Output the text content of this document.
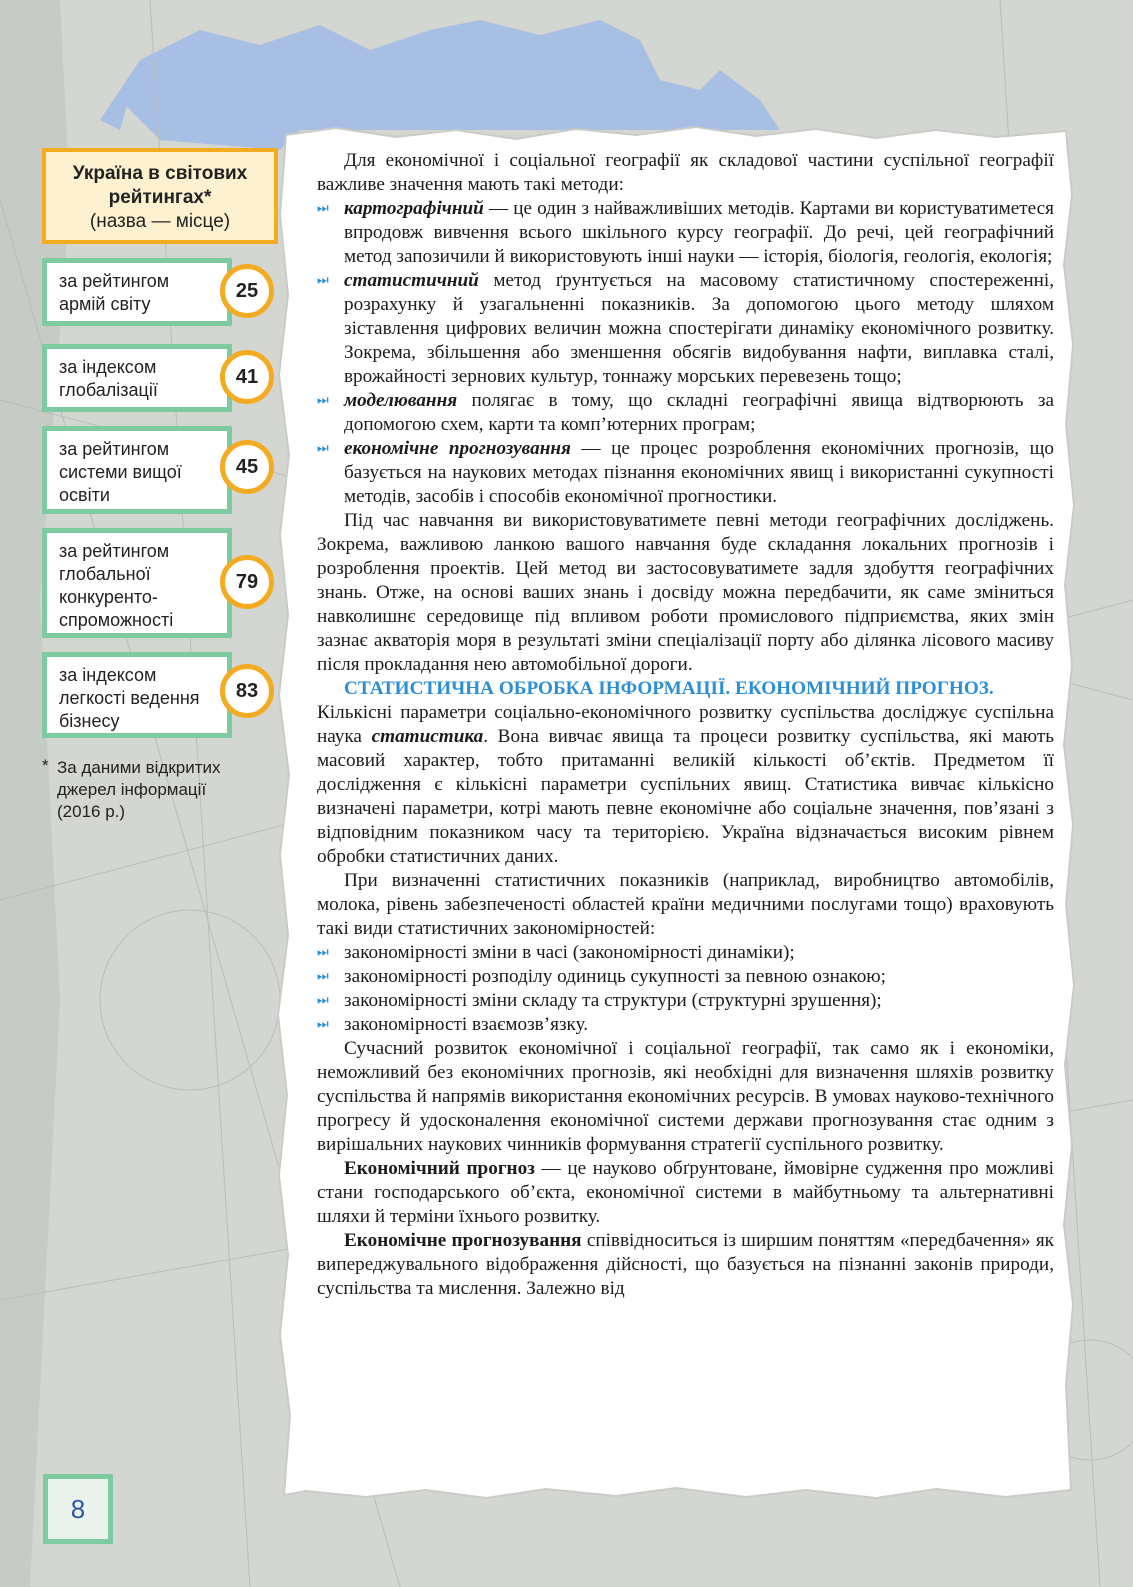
Україна в світових рейтингах*
(назва — місце)
за рейтингом армій світу
25
за індексом глобалізації
41
за рейтингом системи вищої освіти
45
за рейтингом глобальної конкуренто-спроможності
79
за індексом легкості ведення бізнесу
83
* За даними відкритих джерел інформації (2016 р.)
8

Для економічної і соціальної географії як складової частини суспільної географії важливе значення мають такі методи:

⏭ картографічний — це один з найважливіших методів. Картами ви користуватиметеся впродовж вивчення всього шкільного курсу географії. До речі, цей географічний метод запозичили й використовують інші науки — історія, біологія, геологія, екологія;

⏭ статистичний метод ґрунтується на масовому статистичному спостереженні, розрахунку й узагальненні показників. За допомогою цього методу шляхом зіставлення цифрових величин можна спостерігати динаміку економічного розвитку. Зокрема, збільшення або зменшення обсягів видобування нафти, виплавка сталі, врожайності зернових культур, тоннажу морських перевезень тощо;

⏭ моделювання полягає в тому, що складні географічні явища відтворюють за допомогою схем, карти та комп’ютерних програм;

⏭ економічне прогнозування — це процес розроблення економічних прогнозів, що базується на наукових методах пізнання економічних явищ і використанні сукупності методів, засобів і способів економічної прогностики.

Під час навчання ви використовуватимете певні методи географічних досліджень. Зокрема, важливою ланкою вашого навчання буде складання локальних прогнозів і розроблення проектів. Цей метод ви застосовуватимете задля здобуття географічних знань. Отже, на основі ваших знань і досвіду можна передбачити, як саме зміниться навколишнє середовище під впливом роботи промислового підприємства, яких змін зазнає акваторія моря в результаті зміни спеціалізації порту або ділянка лісового масиву після прокладання нею автомобільної дороги.

СТАТИСТИЧНА ОБРОБКА ІНФОРМАЦІЇ. ЕКОНОМІЧНИЙ ПРОГНОЗ.

Кількісні параметри соціально-економічного розвитку суспільства досліджує суспільна наука статистика. Вона вивчає явища та процеси розвитку суспільства, які мають масовий характер, тобто притаманні великій кількості об’єктів. Предметом її дослідження є кількісні параметри суспільних явищ. Статистика вивчає кількісно визначені параметри, котрі мають певне економічне або соціальне значення, пов’язані з відповідним показником часу та територією. Україна відзначається високим рівнем обробки статистичних даних.

При визначенні статистичних показників (наприклад, виробництво автомобілів, молока, рівень забезпеченості областей країни медичними послугами тощо) враховують такі види статистичних закономірностей:

⏭ закономірності зміни в часі (закономірності динаміки);

⏭ закономірності розподілу одиниць сукупності за певною ознакою;

⏭ закономірності зміни складу та структури (структурні зрушення);

⏭ закономірності взаємозв’язку.

Сучасний розвиток економічної і соціальної географії, так само як і економіки, неможливий без економічних прогнозів, які необхідні для визначення шляхів розвитку суспільства й напрямів використання економічних ресурсів. В умовах науково-технічного прогресу й удосконалення економічної системи держави прогнозування стає одним з вирішальних наукових чинників формування стратегії суспільного розвитку.

Економічний прогноз — це науково обґрунтоване, ймовірне судження про можливі стани господарського об’єкта, економічної системи в майбутньому та альтернативні шляхи й терміни їхнього розвитку.

Економічне прогнозування співвідноситься із ширшим поняттям «передбачення» як випереджувального відображення дійсності, що базується на пізнанні законів природи, суспільства та мислення. Залежно від
